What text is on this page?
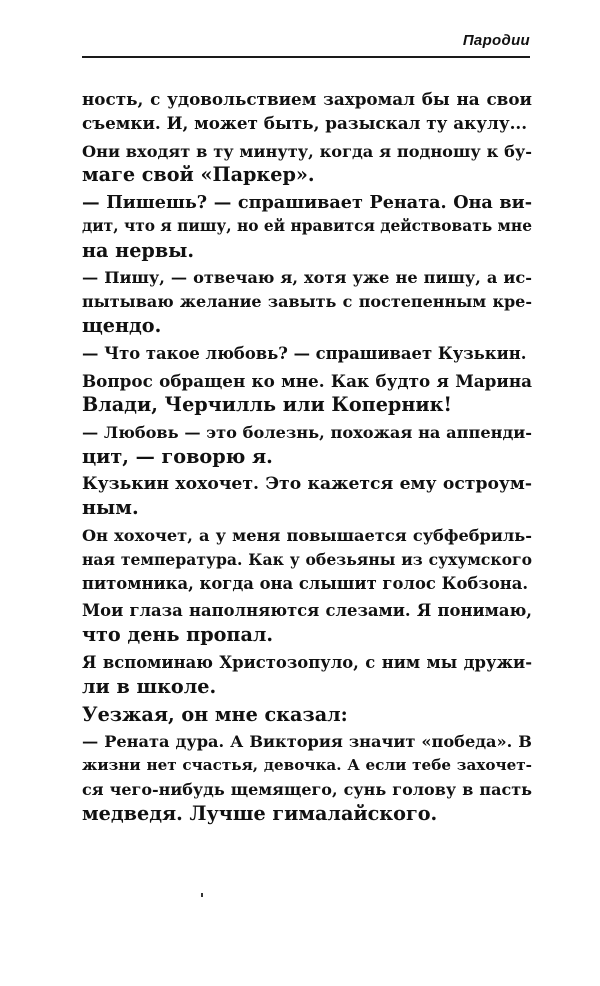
Пародии
ность, с удовольствием захромал бы на свои
съемки. И, может быть, разыскал ту акулу...
Они входят в ту минуту, когда я подношу к бу-
маге свой «Паркер».
— Пишешь? — спрашивает Рената. Она ви-
дит, что я пишу, но ей нравится действовать мне
на нервы.
— Пишу, — отвечаю я, хотя уже не пишу, а ис-
пытываю желание завыть с постепенным кре-
щендо.
— Что такое любовь? — спрашивает Кузькин.
Вопрос обращен ко мне. Как будто я Марина
Влади, Черчилль или Коперник!
— Любовь — это болезнь, похожая на аппенди-
цит, — говорю я.
Кузькин хохочет. Это кажется ему остроум-
ным.
Он хохочет, а у меня повышается субфебриль-
ная температура. Как у обезьяны из сухумского
питомника, когда она слышит голос Кобзона.
Мои глаза наполняются слезами. Я понимаю,
что день пропал.
Я вспоминаю Христозопуло, с ним мы дружи-
ли в школе.
Уезжая, он мне сказал:
— Рената дура. А Виктория значит «победа». В
жизни нет счастья, девочка. А если тебе захочет-
ся чего-нибудь щемящего, сунь голову в пасть
медведя. Лучше гималайского.
